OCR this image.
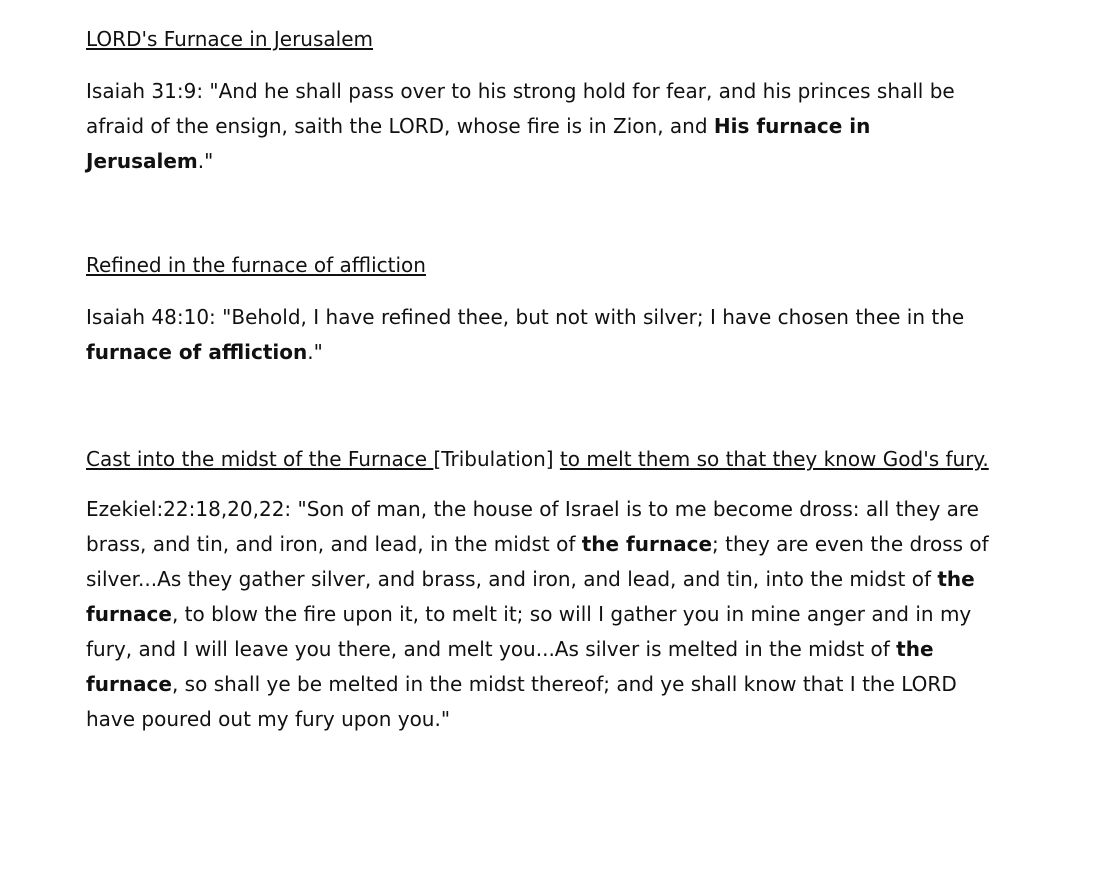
LORD's Furnace in Jerusalem

Isaiah 31:9: "And he shall pass over to his strong hold for fear, and his princes shall be afraid of the ensign, saith the LORD, whose fire is in Zion, and His furnace in Jerusalem."

Refined in the furnace of affliction

Isaiah 48:10: "Behold, I have refined thee, but not with silver; I have chosen thee in the furnace of affliction."

Cast into the midst of the Furnace [Tribulation] to melt them so that they know God's fury.

Ezekiel:22:18,20,22: "Son of man, the house of Israel is to me become dross: all they are brass, and tin, and iron, and lead, in the midst of the furnace; they are even the dross of silver...As they gather silver, and brass, and iron, and lead, and tin, into the midst of the furnace, to blow the fire upon it, to melt it; so will I gather you in mine anger and in my fury, and I will leave you there, and melt you...As silver is melted in the midst of the furnace, so shall ye be melted in the midst thereof; and ye shall know that I the LORD have poured out my fury upon you."
